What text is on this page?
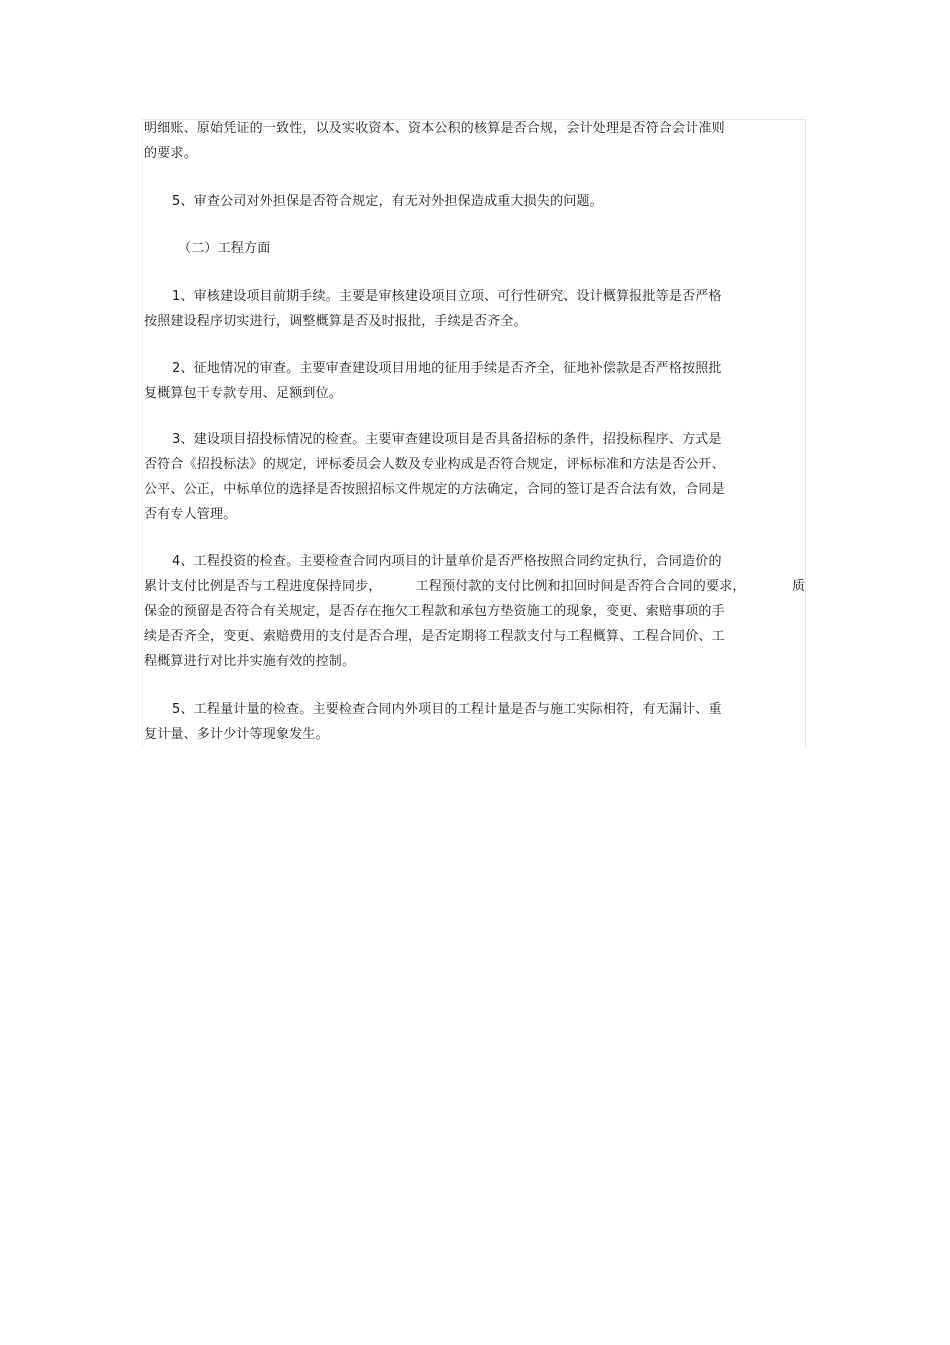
明细账、原始凭证的一致性，以及实收资本、资本公积的核算是否合规，会计处理是否符合会计准则
的要求。
5、审查公司对外担保是否符合规定，有无对外担保造成重大损失的问题。
（二）工程方面
1、审核建设项目前期手续。主要是审核建设项目立项、可行性研究、设计概算报批等是否严格
按照建设程序切实进行，调整概算是否及时报批，手续是否齐全。
2、征地情况的审查。主要审查建设项目用地的征用手续是否齐全，征地补偿款是否严格按照批
复概算包干专款专用、足额到位。
3、建设项目招投标情况的检查。主要审查建设项目是否具备招标的条件，招投标程序、方式是
否符合《招投标法》的规定，评标委员会人数及专业构成是否符合规定，评标标准和方法是否公开、
公平、公正，中标单位的选择是否按照招标文件规定的方法确定，合同的签订是否合法有效，合同是
否有专人管理。
4、工程投资的检查。主要检查合同内项目的计量单价是否严格按照合同约定执行，合同造价的
累计支付比例是否与工程进度保持同步，	工程预付款的支付比例和扣回时间是否符合合同的要求，
保金的预留是否符合有关规定，是否存在拖欠工程款和承包方垫资施工的现象，变更、索赔事项的手
续是否齐全，变更、索赔费用的支付是否合理，是否定期将工程款支付与工程概算、工程合同价、工
程概算进行对比并实施有效的控制。
质
5、工程量计量的检查。主要检查合同内外项目的工程计量是否与施工实际相符，有无漏计、重
复计量、多计少计等现象发生。
